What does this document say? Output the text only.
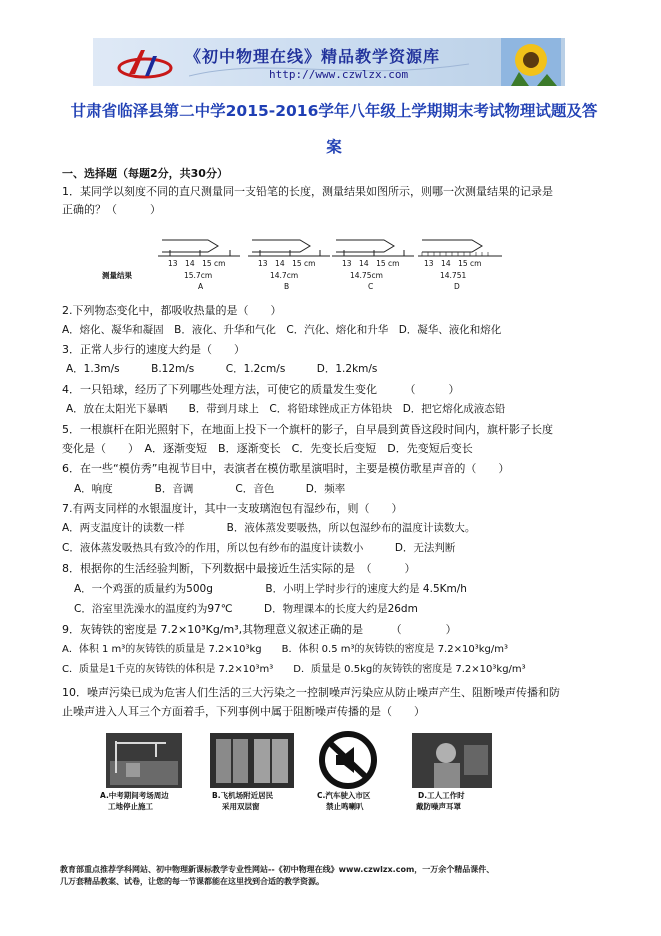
《初中物理在线》精品教学资源库
http://www.czwlzx.com
甘肃省临泽县第二中学2015-2016学年八年级上学期期末考试物理试题及答案
一、选择题（每题2分，共30分）
1．某同学以刻度不同的直尺测量同一支铅笔的长度，测量结果如图所示，则哪一次测量结果的记录是
正确的？（　　　）
13　14　15 cm	13　14　15 cm	13　14　15 cm	13　14　15 cm
测量结果	15.7cm	14.7cm	14.75cm	14.751
A	B	C	D
2.下列物态变化中，都吸收热量的是（　　）
A．熔化、凝华和凝固　B．液化、升华和气化　C．汽化、熔化和升华　D．凝华、液化和熔化
3．正常人步行的速度大约是（　　）
A．1.3m/s　　　B.12m/s　　　C．1.2cm/s　　　D．1.2km/s
4．一只铅球，经历了下列哪些处理方法，可使它的质量发生变化　　　（　　　）
A．放在太阳光下暴晒　　B．带到月球上　C．将铅球锉成正方体铅块　D．把它熔化成液态铅
5．一根旗杆在阳光照射下，在地面上投下一个旗杆的影子，自早晨到黄昏这段时间内，旗杆影子长度
变化是（　　）　A．逐渐变短　B．逐渐变长　C．先变长后变短　D．先变短后变长
6．在一些“模仿秀”电视节目中，表演者在模仿歌星演唱时，主要是模仿歌星声音的（　　）
A．响度　　　　B．音调　　　　C．音色　　　D．频率
7.有两支同样的水银温度计，其中一支玻璃泡包有湿纱布，则（　　）
A．两支温度计的读数一样　　　　B．液体蒸发要吸热，所以包湿纱布的温度计读数大。
C．液体蒸发吸热具有致冷的作用，所以包有纱布的温度计读数小　　　D．无法判断
8．根据你的生活经验判断，下列数据中最接近生活实际的是　（　　　）
A．一个鸡蛋的质量约为500g　　　　　B．小明上学时步行的速度大约是 4.5Km/h
C．浴室里洗澡水的温度约为97℃　　　D．物理课本的长度大约是26dm
9．灰铸铁的密度是 7.2×10³Kg/m³,其物理意义叙述正确的是　　　（　　　　）
A．体积 1 m³的灰铸铁的质量是 7.2×10³kg　　B．体积 0.5 m³的灰铸铁的密度是 7.2×10³kg/m³
C．质量是1千克的灰铸铁的体积是 7.2×10³m³　　D．质量是 0.5kg的灰铸铁的密度是 7.2×10³kg/m³
10．噪声污染已成为危害人们生活的三大污染之一控制噪声污染应从防止噪声产生、阻断噪声传播和防
止噪声进入人耳三个方面着手，下列事例中属于阻断噪声传播的是（　　）
A.中考期间考场周边
工地停止施工
B.飞机场附近居民
采用双层窗
C.汽车驶入市区
禁止鸣喇叭
D.工人工作时
戴防噪声耳罩
教育部重点推荐学科网站、初中物理新课标教学专业性网站--《初中物理在线》www.czwlzx.com，一万余个精品课件、
几万套精品教案、试卷，让您的每一节课都能在这里找到合适的教学资源。
